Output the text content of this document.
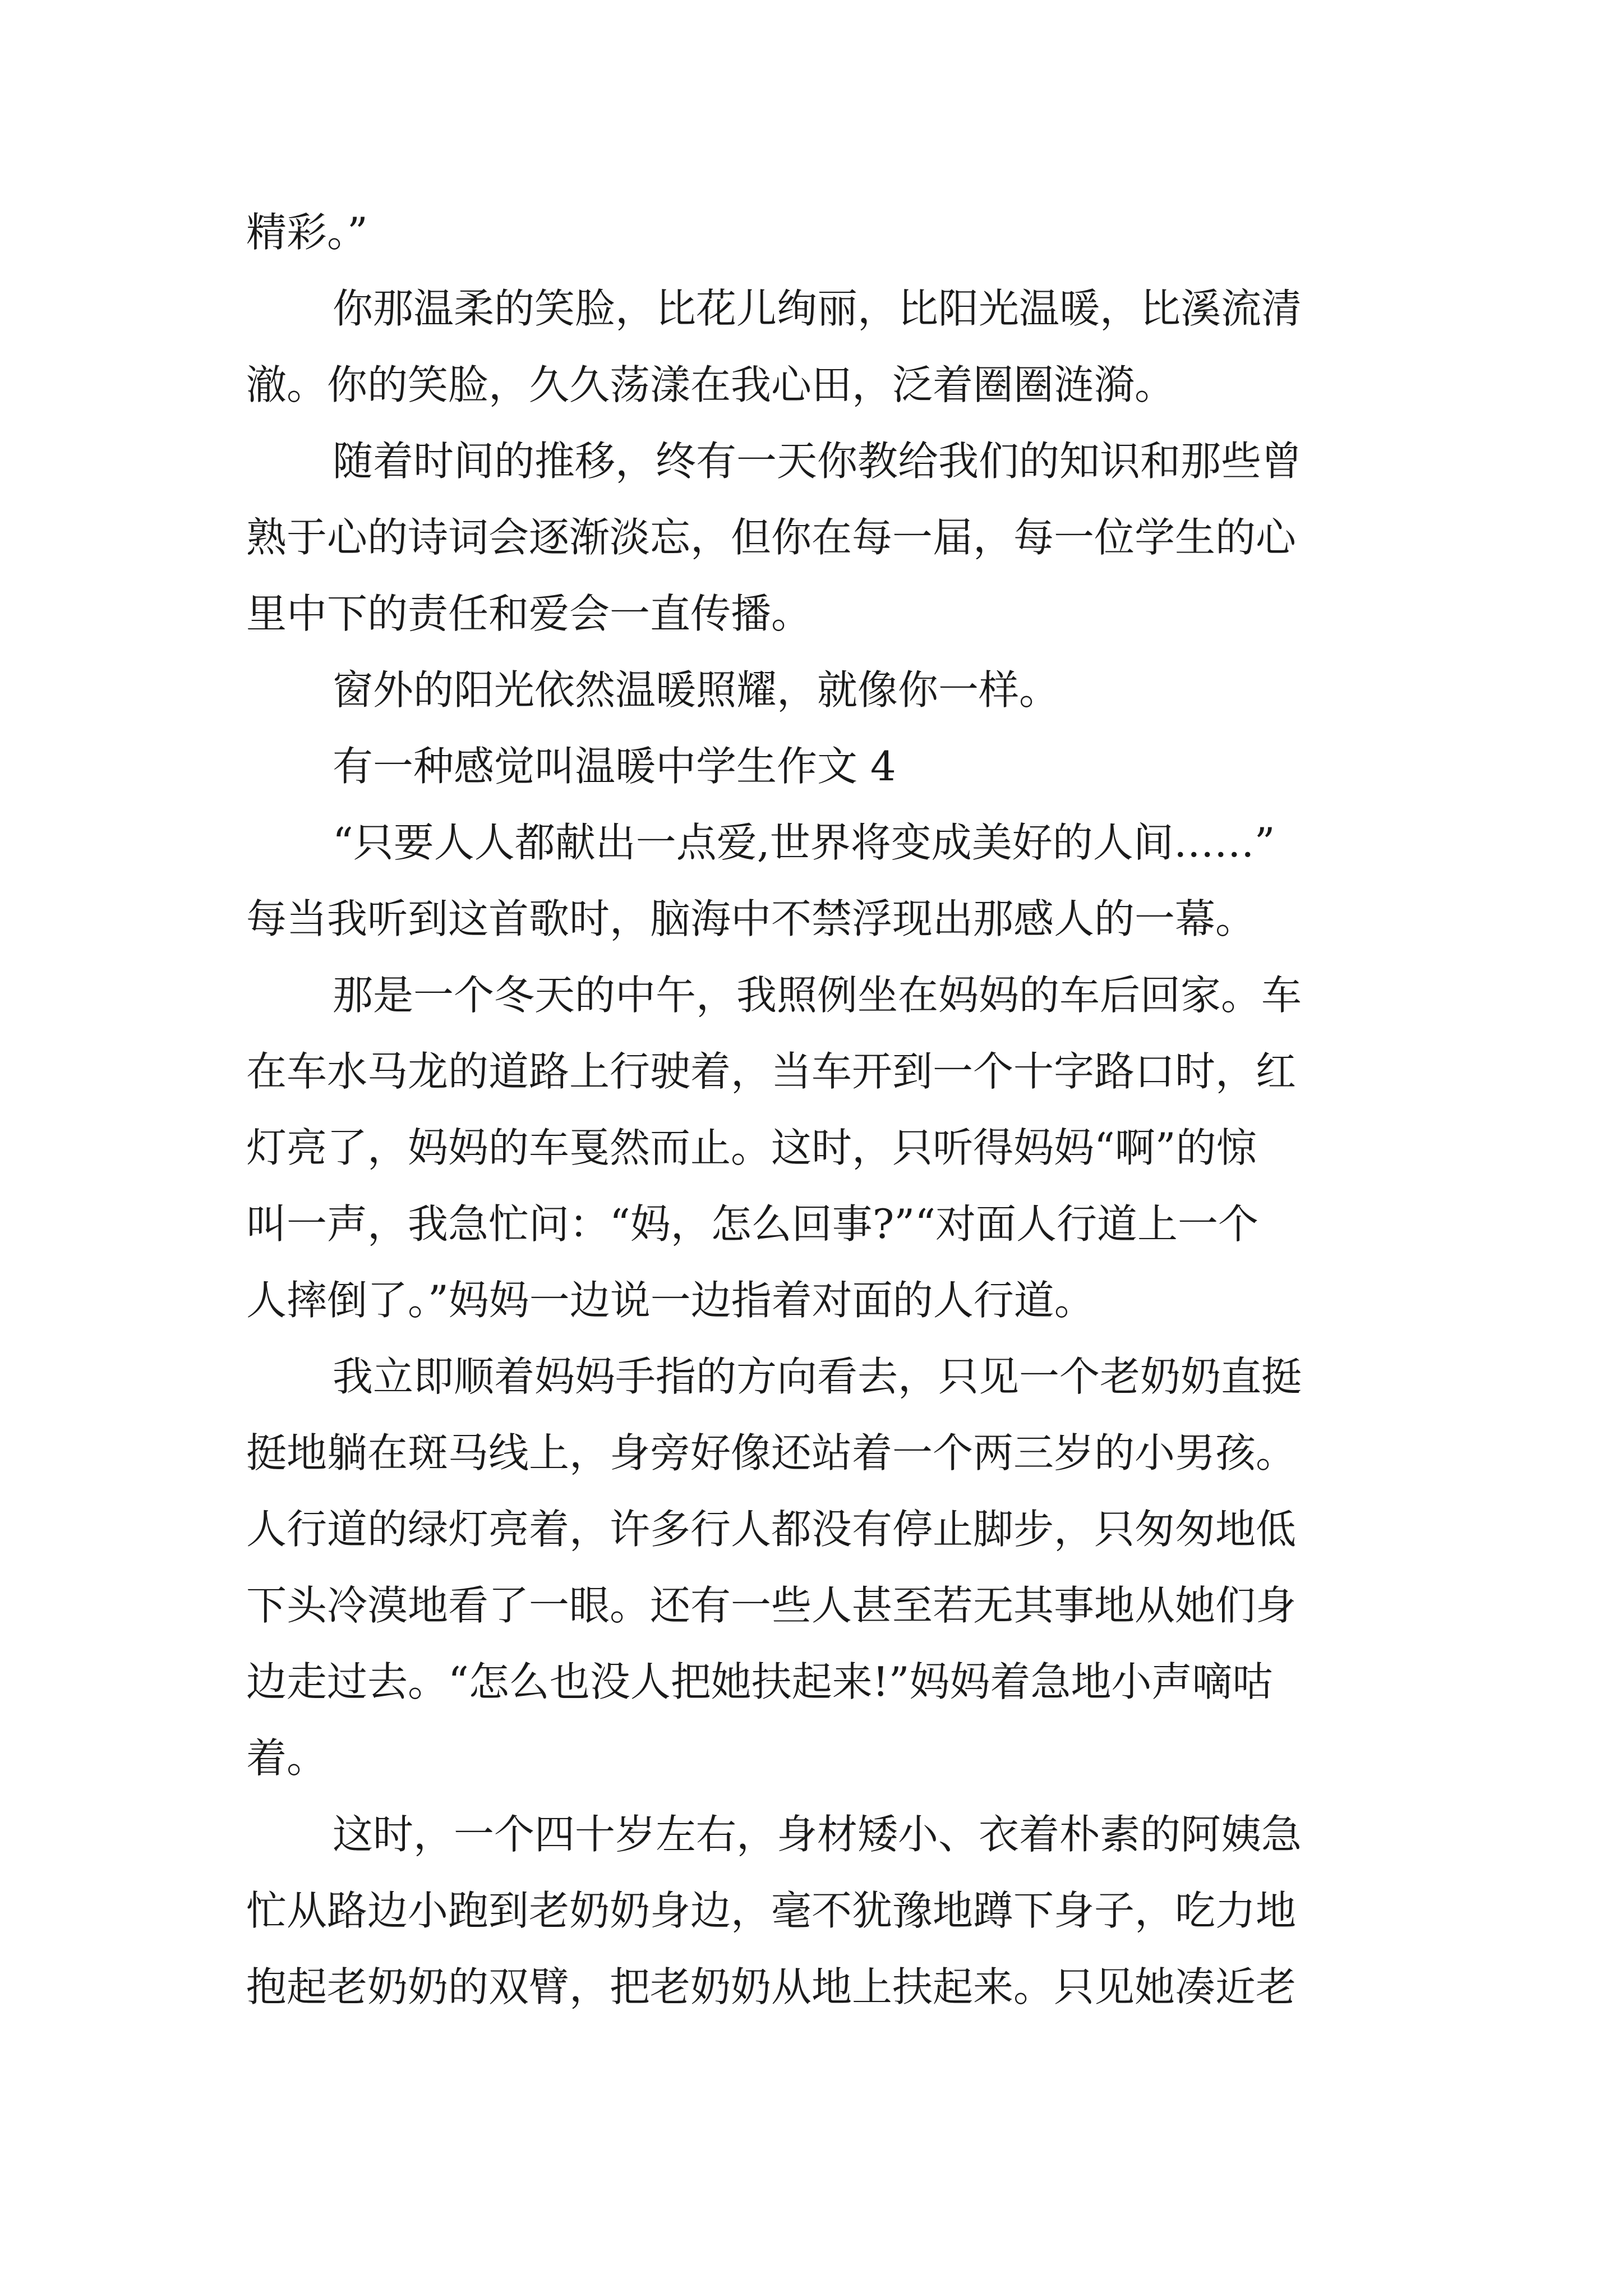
精彩。”
你那温柔的笑脸，比花儿绚丽，比阳光温暖，比溪流清
澈。你的笑脸，久久荡漾在我心田，泛着圈圈涟漪。
随着时间的推移，终有一天你教给我们的知识和那些曾
熟于心的诗词会逐渐淡忘，但你在每一届，每一位学生的心
里中下的责任和爱会一直传播。
窗外的阳光依然温暖照耀，就像你一样。
有一种感觉叫温暖中学生作文 4
“只要人人都献出一点爱,世界将变成美好的人间……”
每当我听到这首歌时，脑海中不禁浮现出那感人的一幕。
那是一个冬天的中午，我照例坐在妈妈的车后回家。车
在车水马龙的道路上行驶着，当车开到一个十字路口时，红
灯亮了，妈妈的车戛然而止。这时，只听得妈妈“啊”的惊
叫一声，我急忙问：“妈，怎么回事?”“对面人行道上一个
人摔倒了。”妈妈一边说一边指着对面的人行道。
我立即顺着妈妈手指的方向看去，只见一个老奶奶直挺
挺地躺在斑马线上，身旁好像还站着一个两三岁的小男孩。
人行道的绿灯亮着，许多行人都没有停止脚步，只匆匆地低
下头冷漠地看了一眼。还有一些人甚至若无其事地从她们身
边走过去。“怎么也没人把她扶起来!”妈妈着急地小声嘀咕
着。
这时，一个四十岁左右，身材矮小、衣着朴素的阿姨急
忙从路边小跑到老奶奶身边，毫不犹豫地蹲下身子，吃力地
抱起老奶奶的双臂，把老奶奶从地上扶起来。只见她凑近老
